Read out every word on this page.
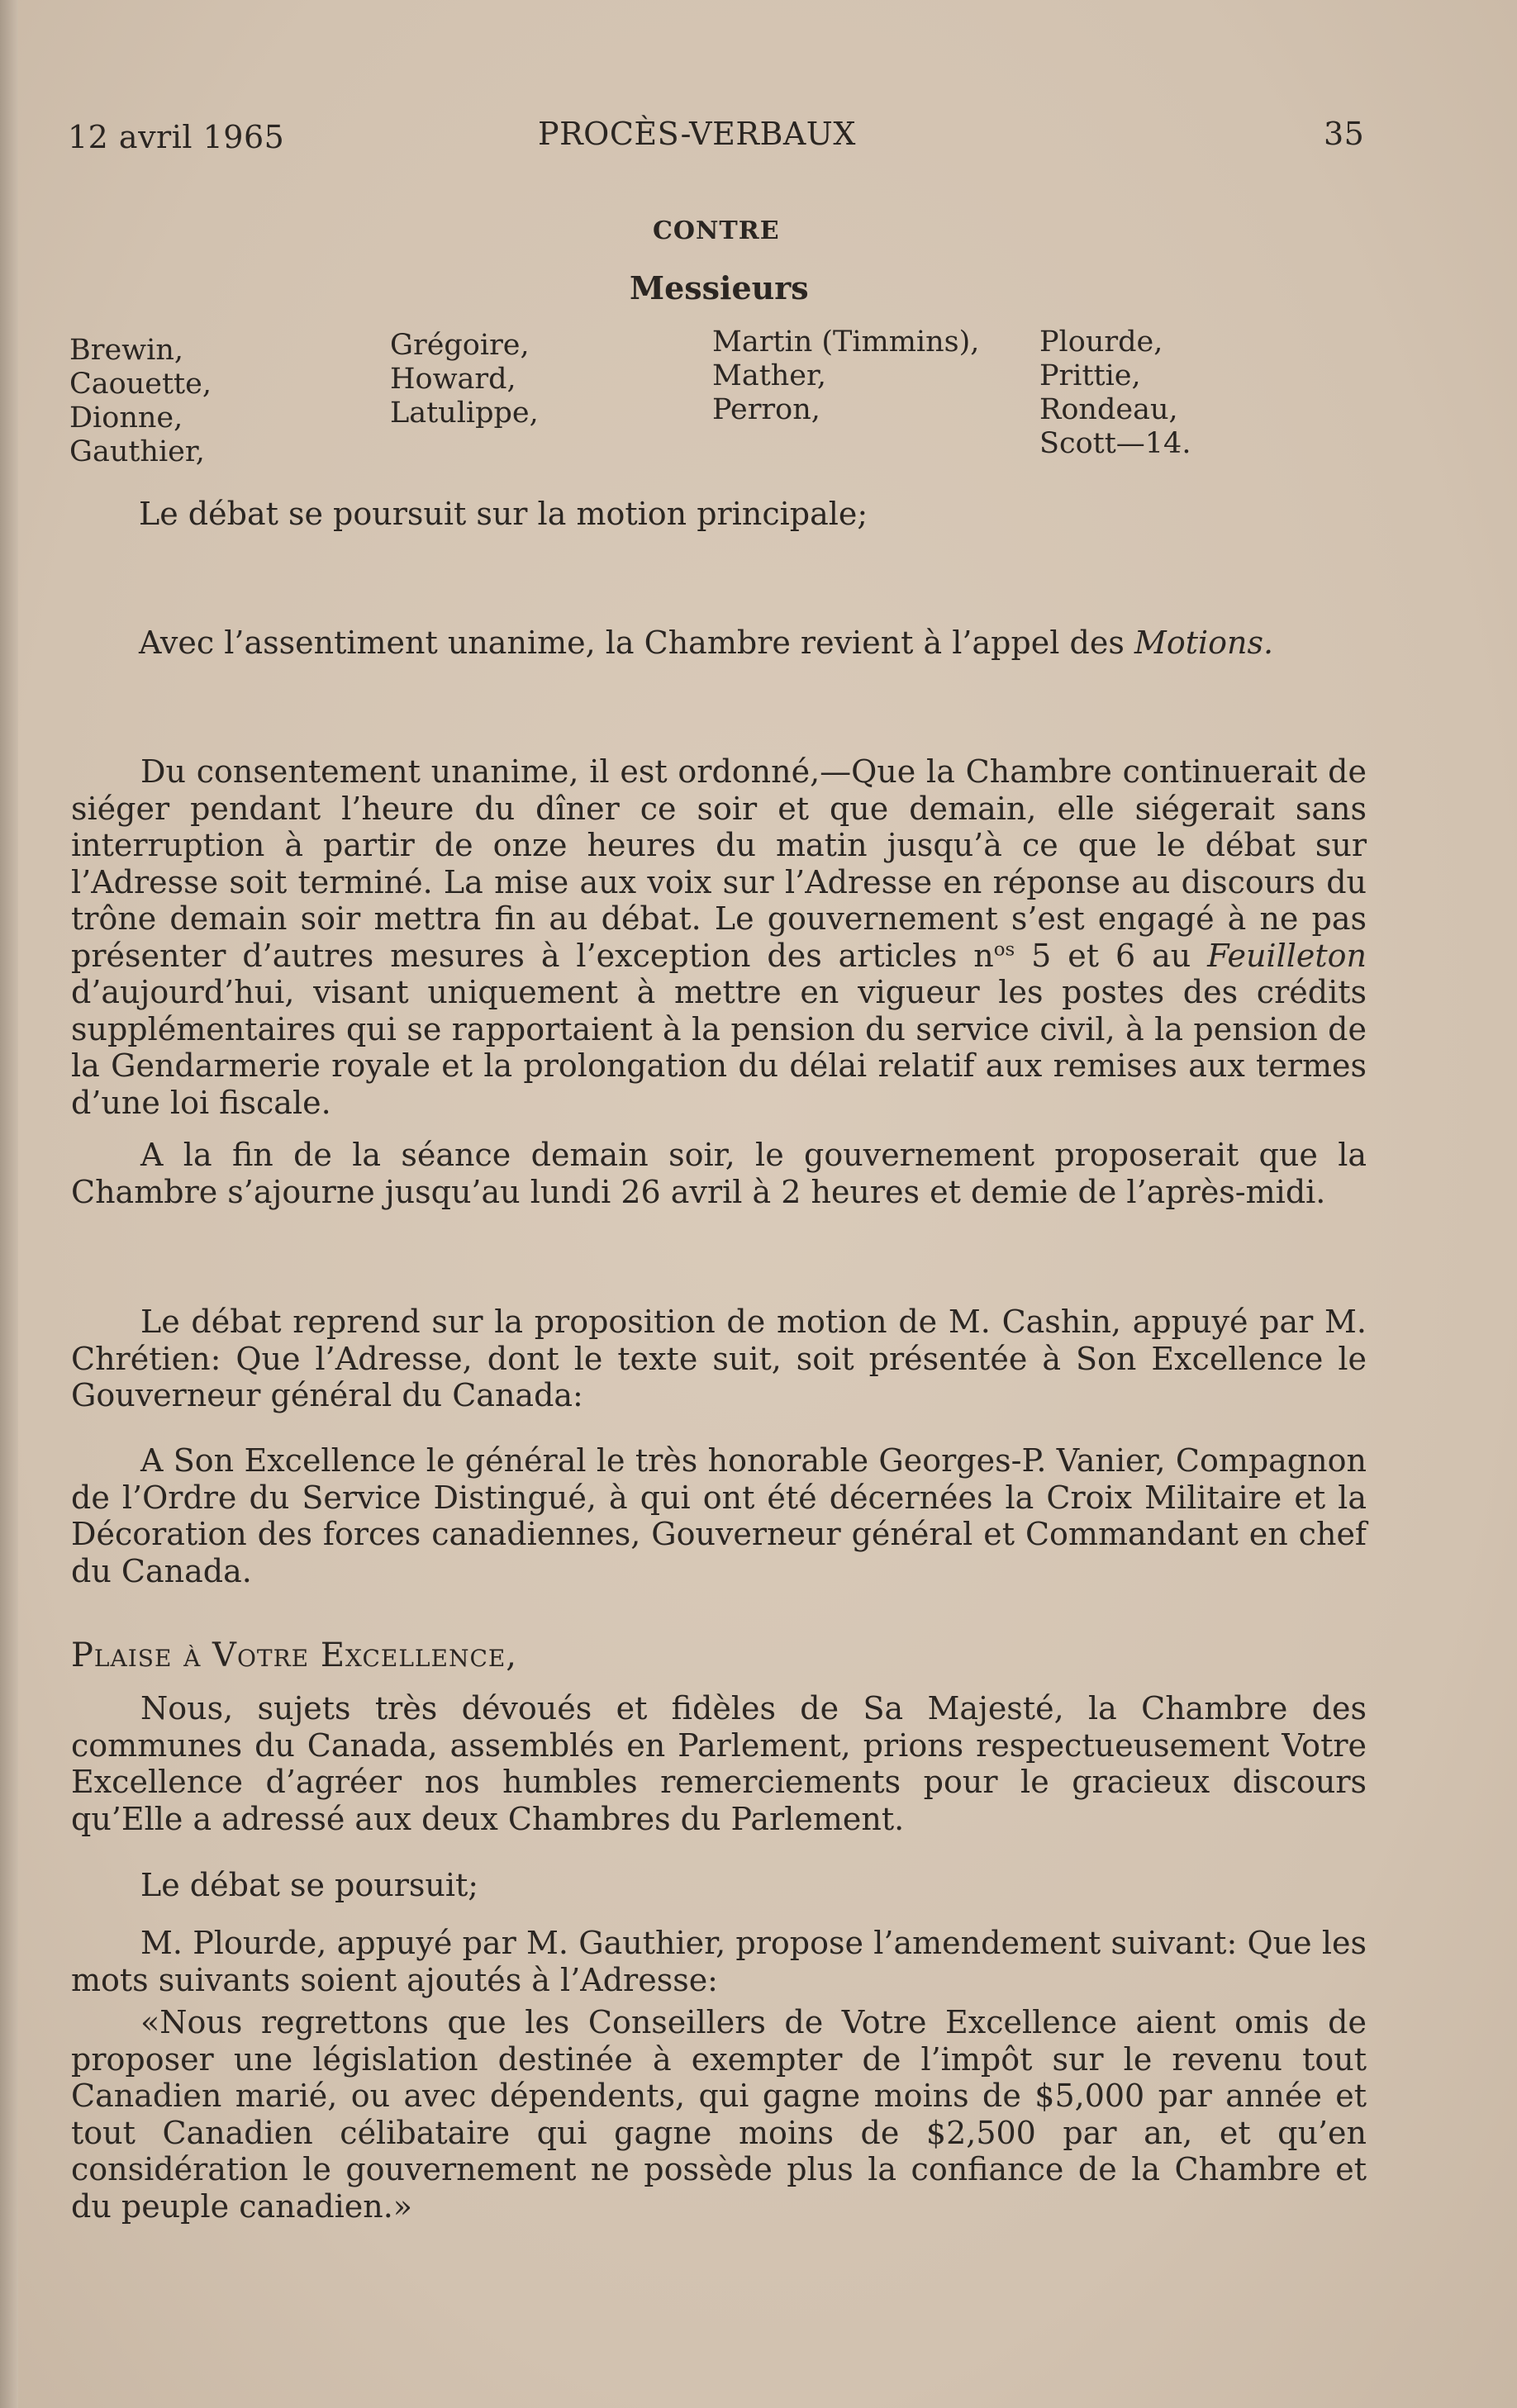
12 avril 1965	PROCÈS-VERBAUX	35
CONTRE
Messieurs
Brewin,
Caouette,
Dionne,
Gauthier,
Grégoire,
Howard,
Latulippe,
Martin (Timmins),
Mather,
Perron,
Plourde,
Prittie,
Rondeau,
Scott—14.
Le débat se poursuit sur la motion principale;
Avec l’assentiment unanime, la Chambre revient à l’appel des Motions.
Du consentement unanime, il est ordonné,—Que la Chambre continuerait de siéger pendant l’heure du dîner ce soir et que demain, elle siégerait sans interruption à partir de onze heures du matin jusqu’à ce que le débat sur l’Adresse soit terminé. La mise aux voix sur l’Adresse en réponse au discours du trône demain soir mettra fin au débat. Le gouvernement s’est engagé à ne pas présenter d’autres mesures à l’exception des articles $n^{os}$ 5 et 6 au Feuilleton d’aujourd’hui, visant uniquement à mettre en vigueur les postes des crédits supplémentaires qui se rapportaient à la pension du service civil, à la pension de la Gendarmerie royale et la prolongation du délai relatif aux remises aux termes d’une loi fiscale.
A la fin de la séance demain soir, le gouvernement proposerait que la Chambre s’ajourne jusqu’au lundi 26 avril à 2 heures et demie de l’après-midi.
Le débat reprend sur la proposition de motion de M. Cashin, appuyé par M. Chrétien: Que l’Adresse, dont le texte suit, soit présentée à Son Excellence le Gouverneur général du Canada:
A Son Excellence le général le très honorable Georges-P. Vanier, Compagnon de l’Ordre du Service Distingué, à qui ont été décernées la Croix Militaire et la Décoration des forces canadiennes, Gouverneur général et Commandant en chef du Canada.
Plaise à Votre Excellence,
Nous, sujets très dévoués et fidèles de Sa Majesté, la Chambre des communes du Canada, assemblés en Parlement, prions respectueusement Votre Excellence d’agréer nos humbles remerciements pour le gracieux discours qu’Elle a adressé aux deux Chambres du Parlement.
Le débat se poursuit;
M. Plourde, appuyé par M. Gauthier, propose l’amendement suivant: Que les mots suivants soient ajoutés à l’Adresse:
«Nous regrettons que les Conseillers de Votre Excellence aient omis de proposer une législation destinée à exempter de l’impôt sur le revenu tout Canadien marié, ou avec dépendents, qui gagne moins de $5,000 par année et tout Canadien célibataire qui gagne moins de $2,500 par an, et qu’en considération le gouvernement ne possède plus la confiance de la Chambre et du peuple canadien.»
